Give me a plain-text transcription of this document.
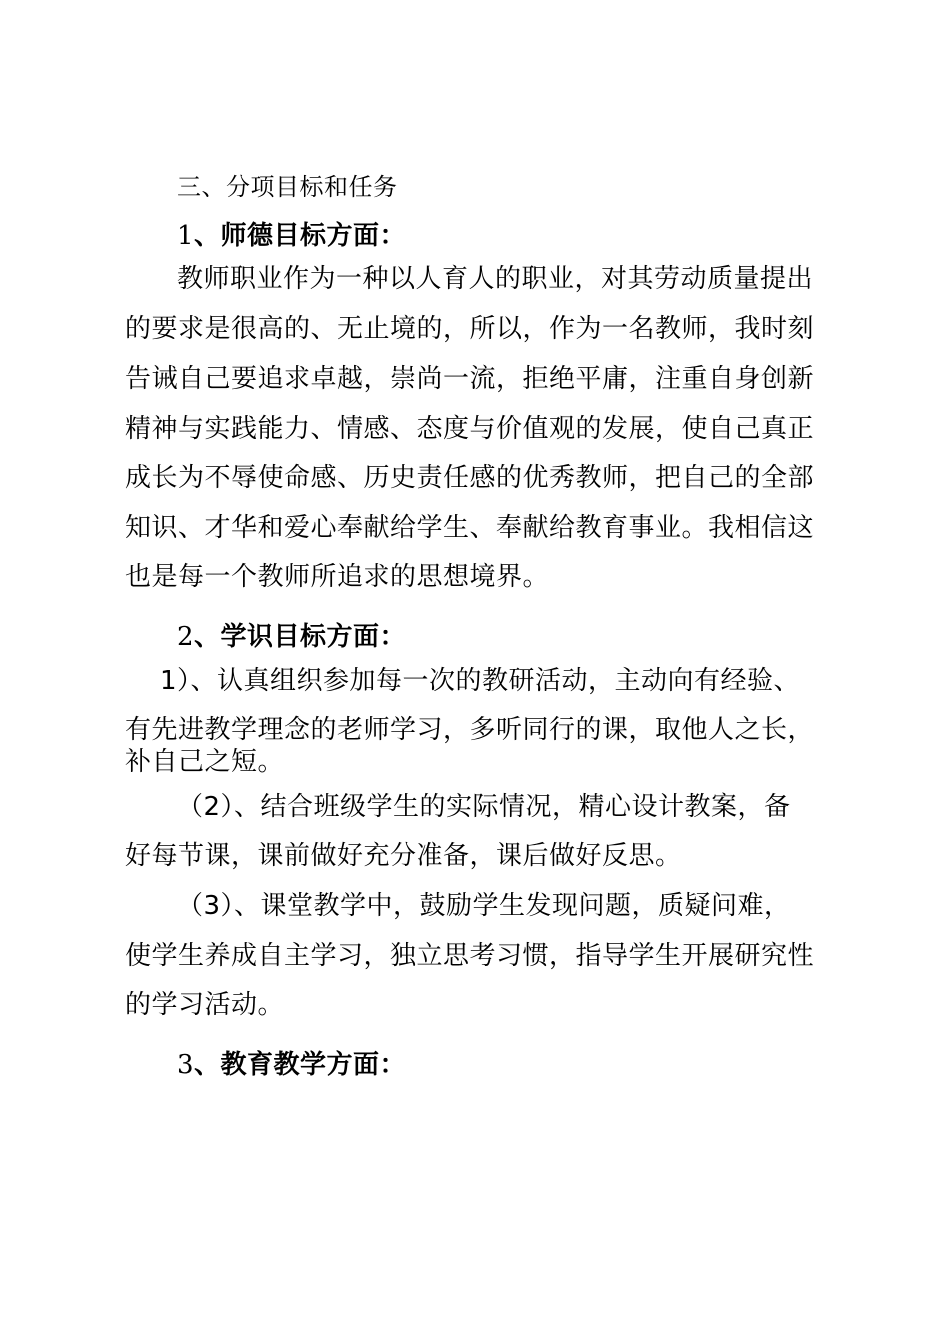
三、分项目标和任务
1、师德目标方面：
教师职业作为一种以人育人的职业，对其劳动质量提出
的要求是很高的、无止境的，所以，作为一名教师，我时刻
告诫自己要追求卓越，崇尚一流，拒绝平庸，注重自身创新
精神与实践能力、情感、态度与价值观的发展，使自己真正
成长为不辱使命感、历史责任感的优秀教师，把自己的全部
知识、才华和爱心奉献给学生、奉献给教育事业。我相信这
也是每一个教师所追求的思想境界。
2、学识目标方面：
1）、认真组织参加每一次的教研活动，主动向有经验、
有先进教学理念的老师学习，多听同行的课，取他人之长，
补自己之短。
（2）、结合班级学生的实际情况，精心设计教案，备
好每节课，课前做好充分准备，课后做好反思。
（3）、课堂教学中，鼓励学生发现问题，质疑问难，
使学生养成自主学习，独立思考习惯，指导学生开展研究性
的学习活动。
3、教育教学方面：
